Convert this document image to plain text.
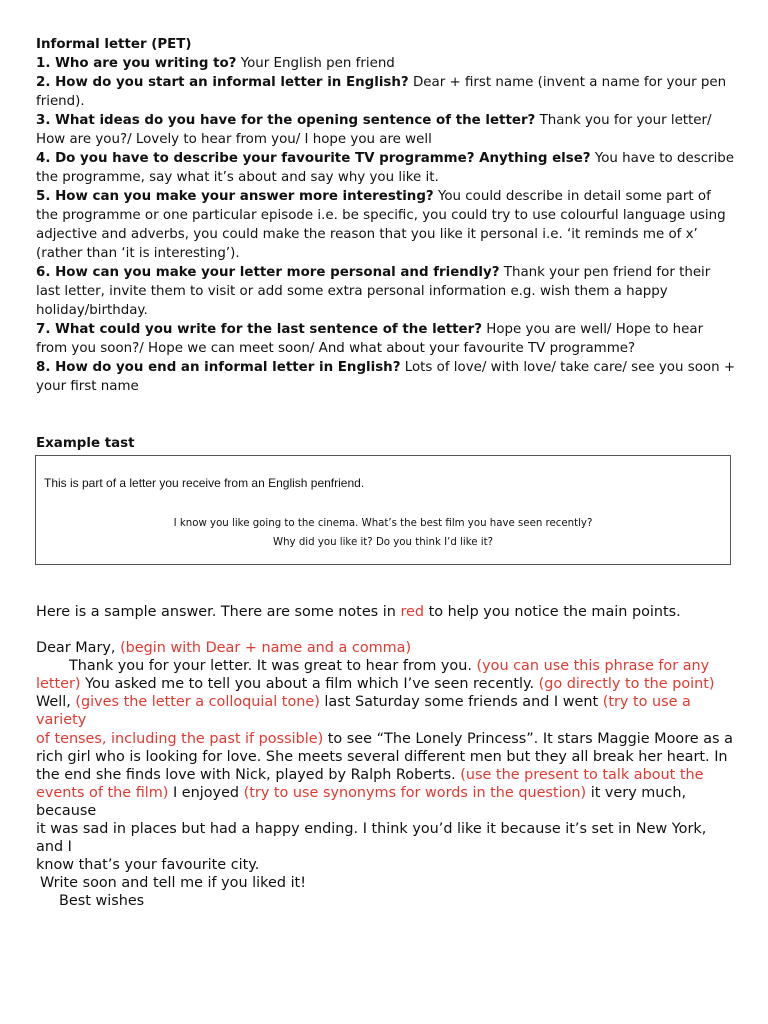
Informal letter (PET)

1. Who are you writing to? Your English pen friend

2. How do you start an informal letter in English? Dear + first name (invent a name for your pen friend).

3. What ideas do you have for the opening sentence of the letter? Thank you for your letter/ How are you?/ Lovely to hear from you/ I hope you are well

4. Do you have to describe your favourite TV programme? Anything else? You have to describe the programme, say what it’s about and say why you like it.

5. How can you make your answer more interesting? You could describe in detail some part of the programme or one particular episode i.e. be specific, you could try to use colourful language using adjective and adverbs, you could make the reason that you like it personal i.e. ‘it reminds me of x’ (rather than ‘it is interesting’).

6. How can you make your letter more personal and friendly? Thank your pen friend for their last letter, invite them to visit or add some extra personal information e.g. wish them a happy holiday/birthday.

7. What could you write for the last sentence of the letter? Hope you are well/ Hope to hear from you soon?/ Hope we can meet soon/ And what about your favourite TV programme?

8. How do you end an informal letter in English? Lots of love/ with love/ take care/ see you soon + your first name

Example tast

This is part of a letter you receive from an English penfriend.

I know you like going to the cinema. What’s the best film you have seen recently?
Why did you like it? Do you think I’d like it?

Here is a sample answer. There are some notes in red to help you notice the main points.

Dear Mary, (begin with Dear + name and a comma)

Thank you for your letter. It was great to hear from you. (you can use this phrase for any letter) You asked me to tell you about a film which I’ve seen recently. (go directly to the point)

Well, (gives the letter a colloquial tone) last Saturday some friends and I went (try to use a variety

of tenses, including the past if possible) to see “The Lonely Princess”. It stars Maggie Moore as a

rich girl who is looking for love. She meets several different men but they all break her heart. In

the end she finds love with Nick, played by Ralph Roberts. (use the present to talk about the

events of the film) I enjoyed (try to use synonyms for words in the question) it very much, because

it was sad in places but had a happy ending. I think you’d like it because it’s set in New York, and I

know that’s your favourite city.

Write soon and tell me if you liked it!

Best wishes
